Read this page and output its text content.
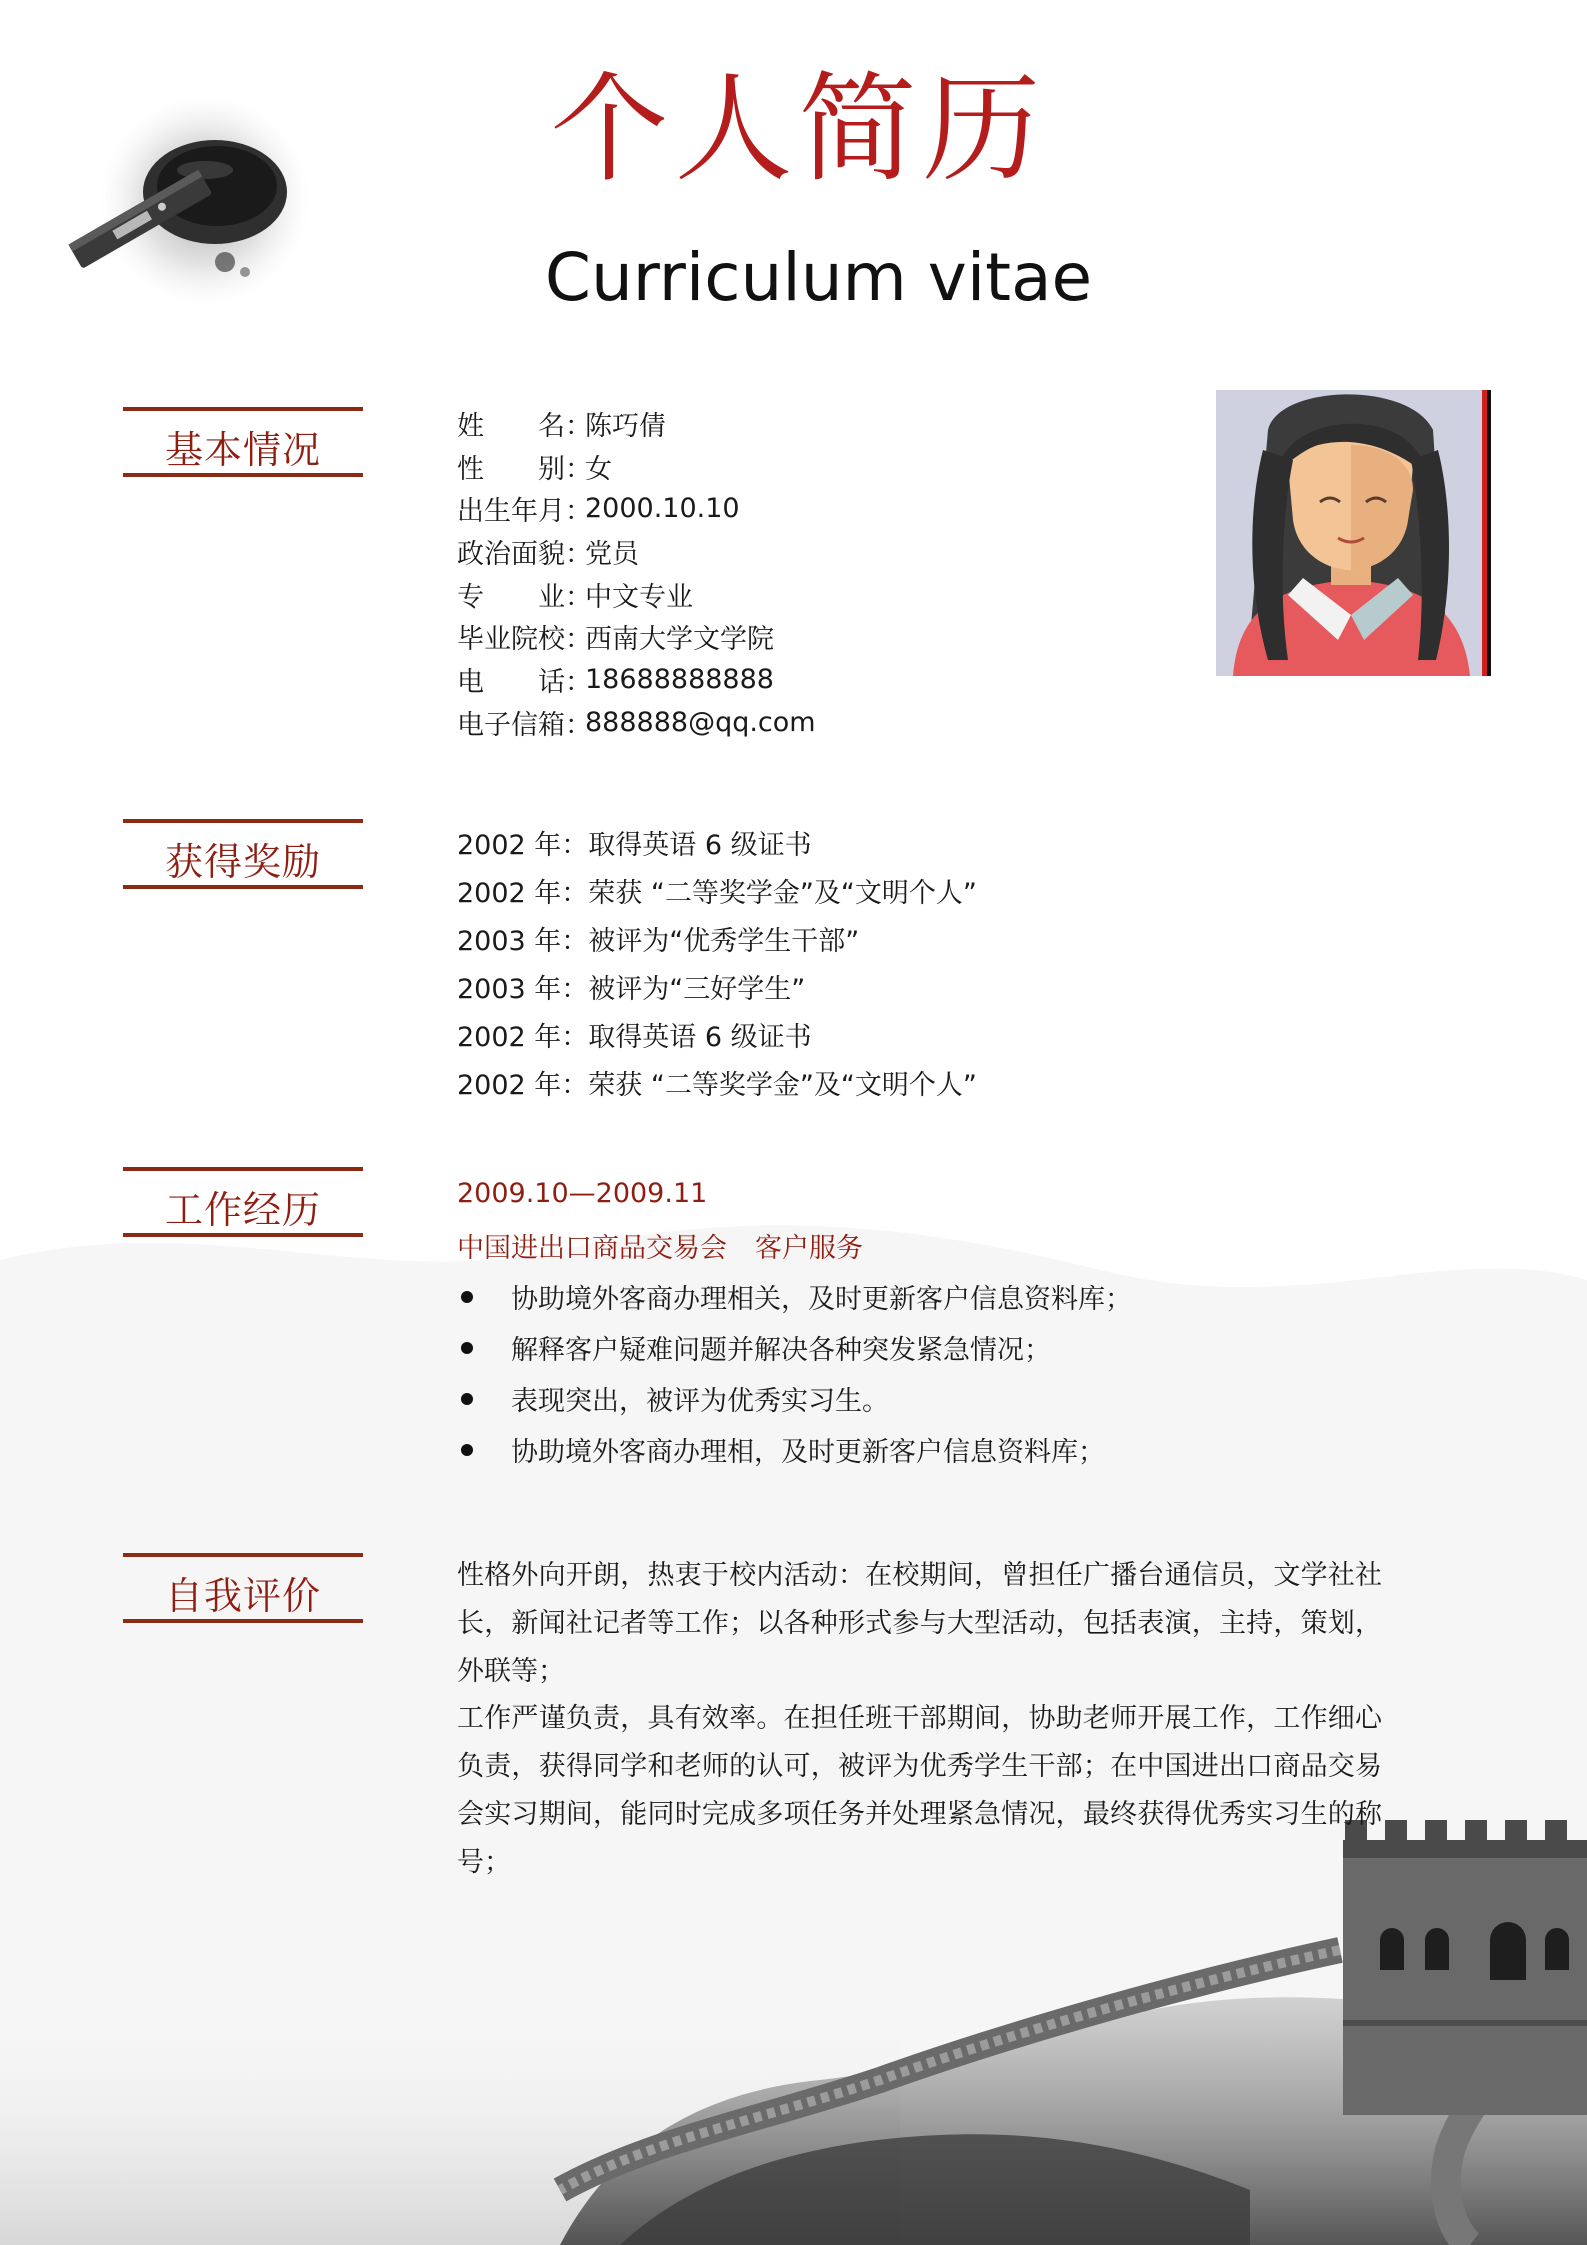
个人简历
Curriculum vitae
基本情况
姓名 ：
陈巧倩
性别 ：
女
出生年月 ：
2000.10.10
政治面貌 ：
党员
专业 ：
中文专业
毕业院校 ：
西南大学文学院
电话 ：
18688888888
电子信箱 ：
888888@qq.com
获得奖励	2002 年：取得英语 6 级证书
2002 年：荣获 “二等奖学金”及“文明个人”
2003 年：被评为“优秀学生干部”
2003 年：被评为“三好学生”
2002 年：取得英语 6 级证书
2002 年：荣获 “二等奖学金”及“文明个人”
工作经历	2009.10—2009.11
中国进出口商品交易会 客户服务
协助境外客商办理相关，及时更新客户信息资料库；
解释客户疑难问题并解决各种突发紧急情况；
表现突出，被评为优秀实习生。
协助境外客商办理相，及时更新客户信息资料库；
自我评价	性格外向开朗，热衷于校内活动：在校期间，曾担任广播台通信员，文学社社长，新闻社记者等工作；以各种形式参与大型活动，包括表演，主持，策划，外联等；

工作严谨负责，具有效率。在担任班干部期间，协助老师开展工作，工作细心负责，获得同学和老师的认可，被评为优秀学生干部；在中国进出口商品交易会实习期间，能同时完成多项任务并处理紧急情况，最终获得优秀实习生的称号；
